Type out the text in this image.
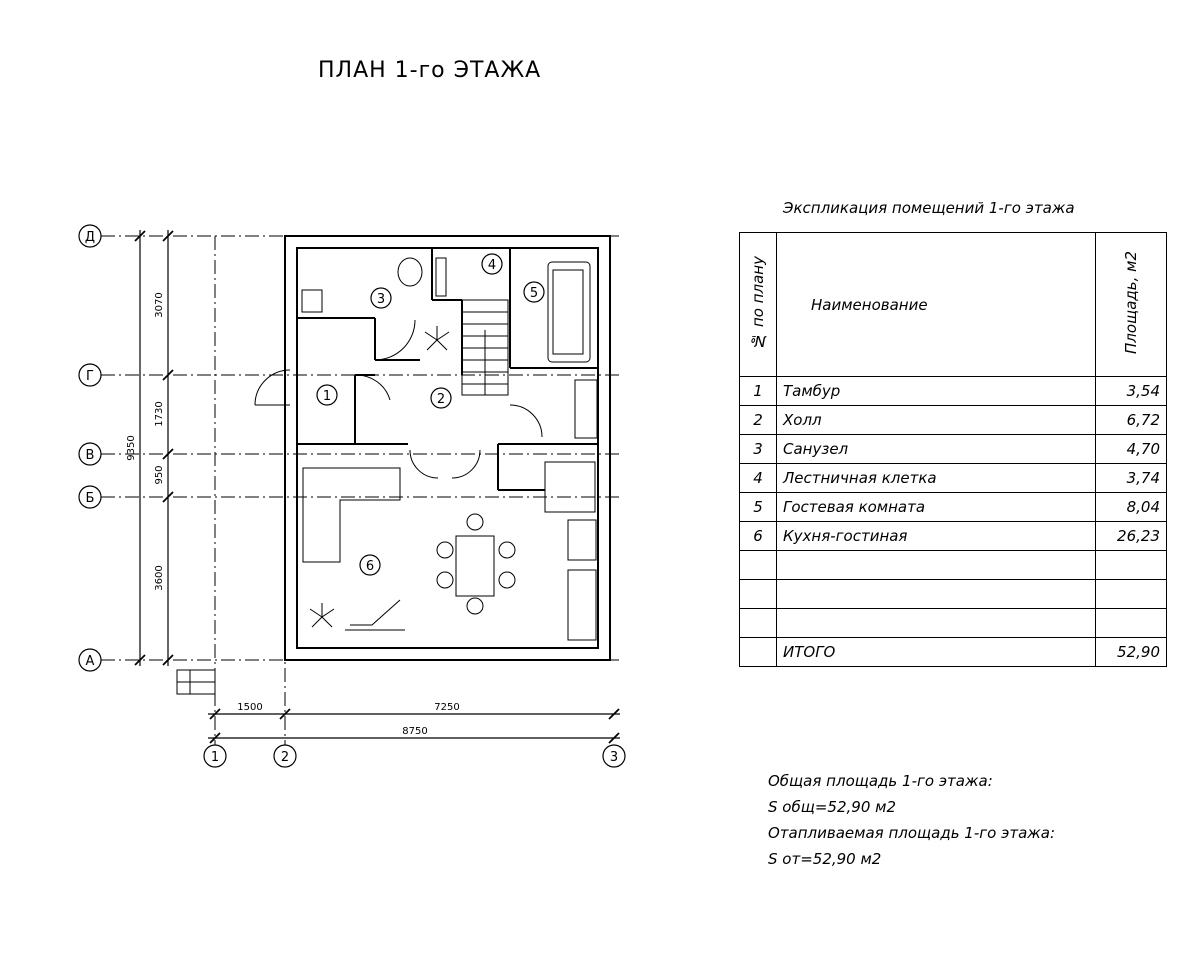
ПЛАН 1-го ЭТАЖА
Д
Г
В
Б
А
1	2	3
1	2
3
4
5
6
3070
1730
950
3600
9350
1500	7250
8750
Экспликация помещений 1-го этажа
№ по плану	Наименование	Площадь, м2
1	Тамбур	3,54
2	Холл	6,72
3	Санузел	4,70
4	Лестничная клетка	3,74
5	Гостевая комната	8,04
6	Кухня-гостиная	26,23

	ИТОГО	52,90
Общая площадь 1-го этажа:
S общ=52,90 м2
Отапливаемая площадь 1-го этажа:
S от=52,90 м2
